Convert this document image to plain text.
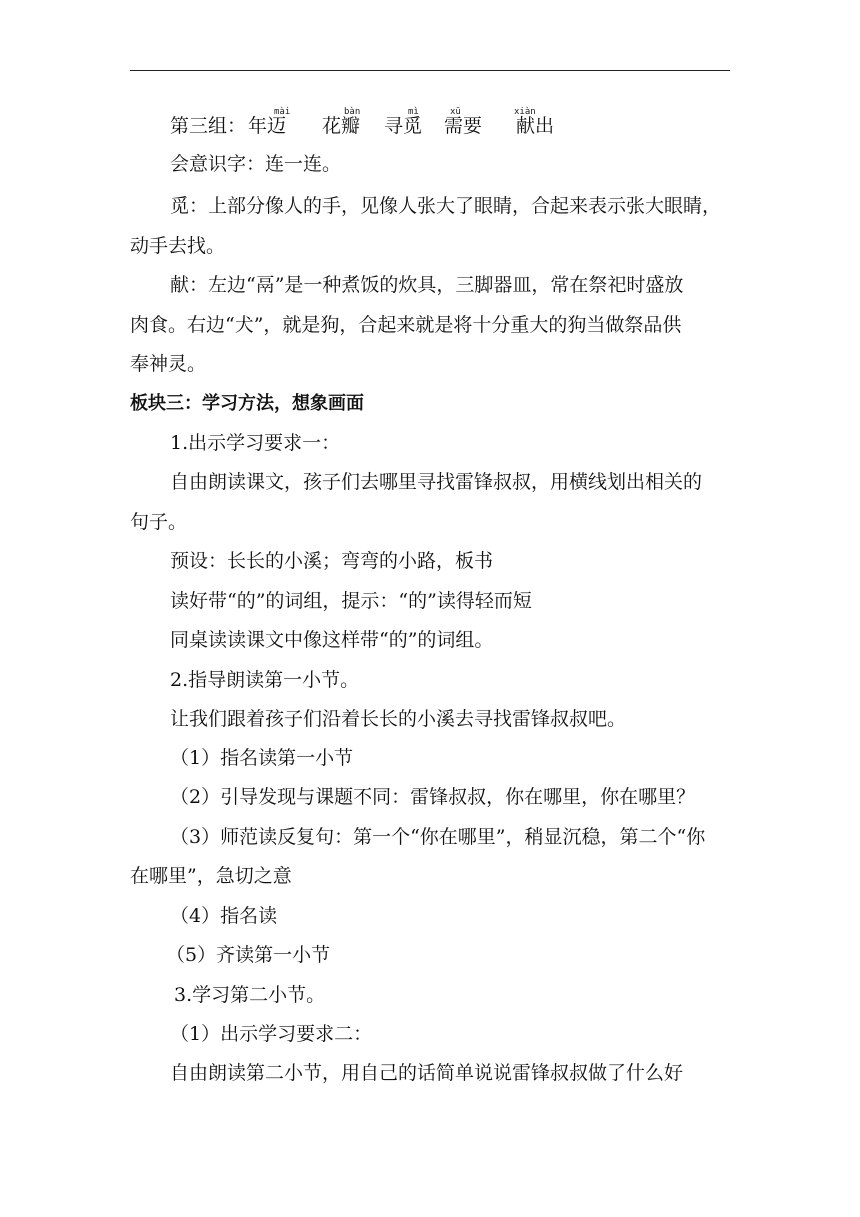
第三组：
mài
年迈
bàn
花瓣
mì
寻觅
xū
需要
xiàn
献出
会意识字：连一连。
觅：上部分像人的手，见像人张大了眼睛，合起来表示张大眼睛，
动手去找。
献：左边“鬲”是一种煮饭的炊具，三脚器皿，常在祭祀时盛放
肉食。右边“犬”，就是狗，合起来就是将十分重大的狗当做祭品供
奉神灵。
板块三：学习方法，想象画面
1.出示学习要求一：
自由朗读课文，孩子们去哪里寻找雷锋叔叔，用横线划出相关的
句子。
预设：长长的小溪；弯弯的小路，板书
读好带“的”的词组，提示：“的”读得轻而短
同桌读读课文中像这样带“的”的词组。
2.指导朗读第一小节。
让我们跟着孩子们沿着长长的小溪去寻找雷锋叔叔吧。
（1）指名读第一小节
（2）引导发现与课题不同：雷锋叔叔，你在哪里，你在哪里？
（3）师范读反复句：第一个“你在哪里”，稍显沉稳，第二个“你
在哪里”，急切之意
（4）指名读
（5）齐读第一小节
3.学习第二小节。
（1）出示学习要求二：
自由朗读第二小节，用自己的话简单说说雷锋叔叔做了什么好
